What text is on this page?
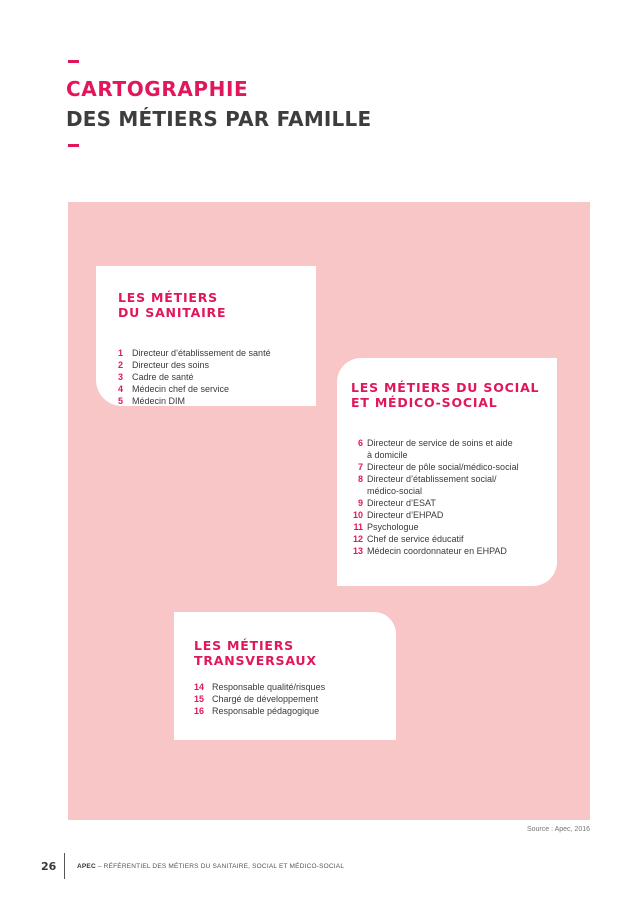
CARTOGRAPHIE
DES MÉTIERS PAR FAMILLE
LES MÉTIERS
DU SANITAIRE
1 Directeur d’établissement de santé
2 Directeur des soins
3 Cadre de santé
4 Médecin chef de service
5 Médecin DIM
LES MÉTIERS DU SOCIAL
ET MÉDICO-SOCIAL
6 Directeur de service de soins et aide
à domicile
7 Directeur de pôle social/médico-social
8 Directeur d’établissement social/
médico-social
9 Directeur d’ESAT
10 Directeur d’EHPAD
11 Psychologue
12 Chef de service éducatif
13 Médecin coordonnateur en EHPAD
LES MÉTIERS
TRANSVERSAUX
14 Responsable qualité/risques
15 Chargé de développement
16 Responsable pédagogique
Source : Apec, 2016
26	APEC – RÉFÉRENTIEL DES MÉTIERS DU SANITAIRE, SOCIAL ET MÉDICO-SOCIAL
